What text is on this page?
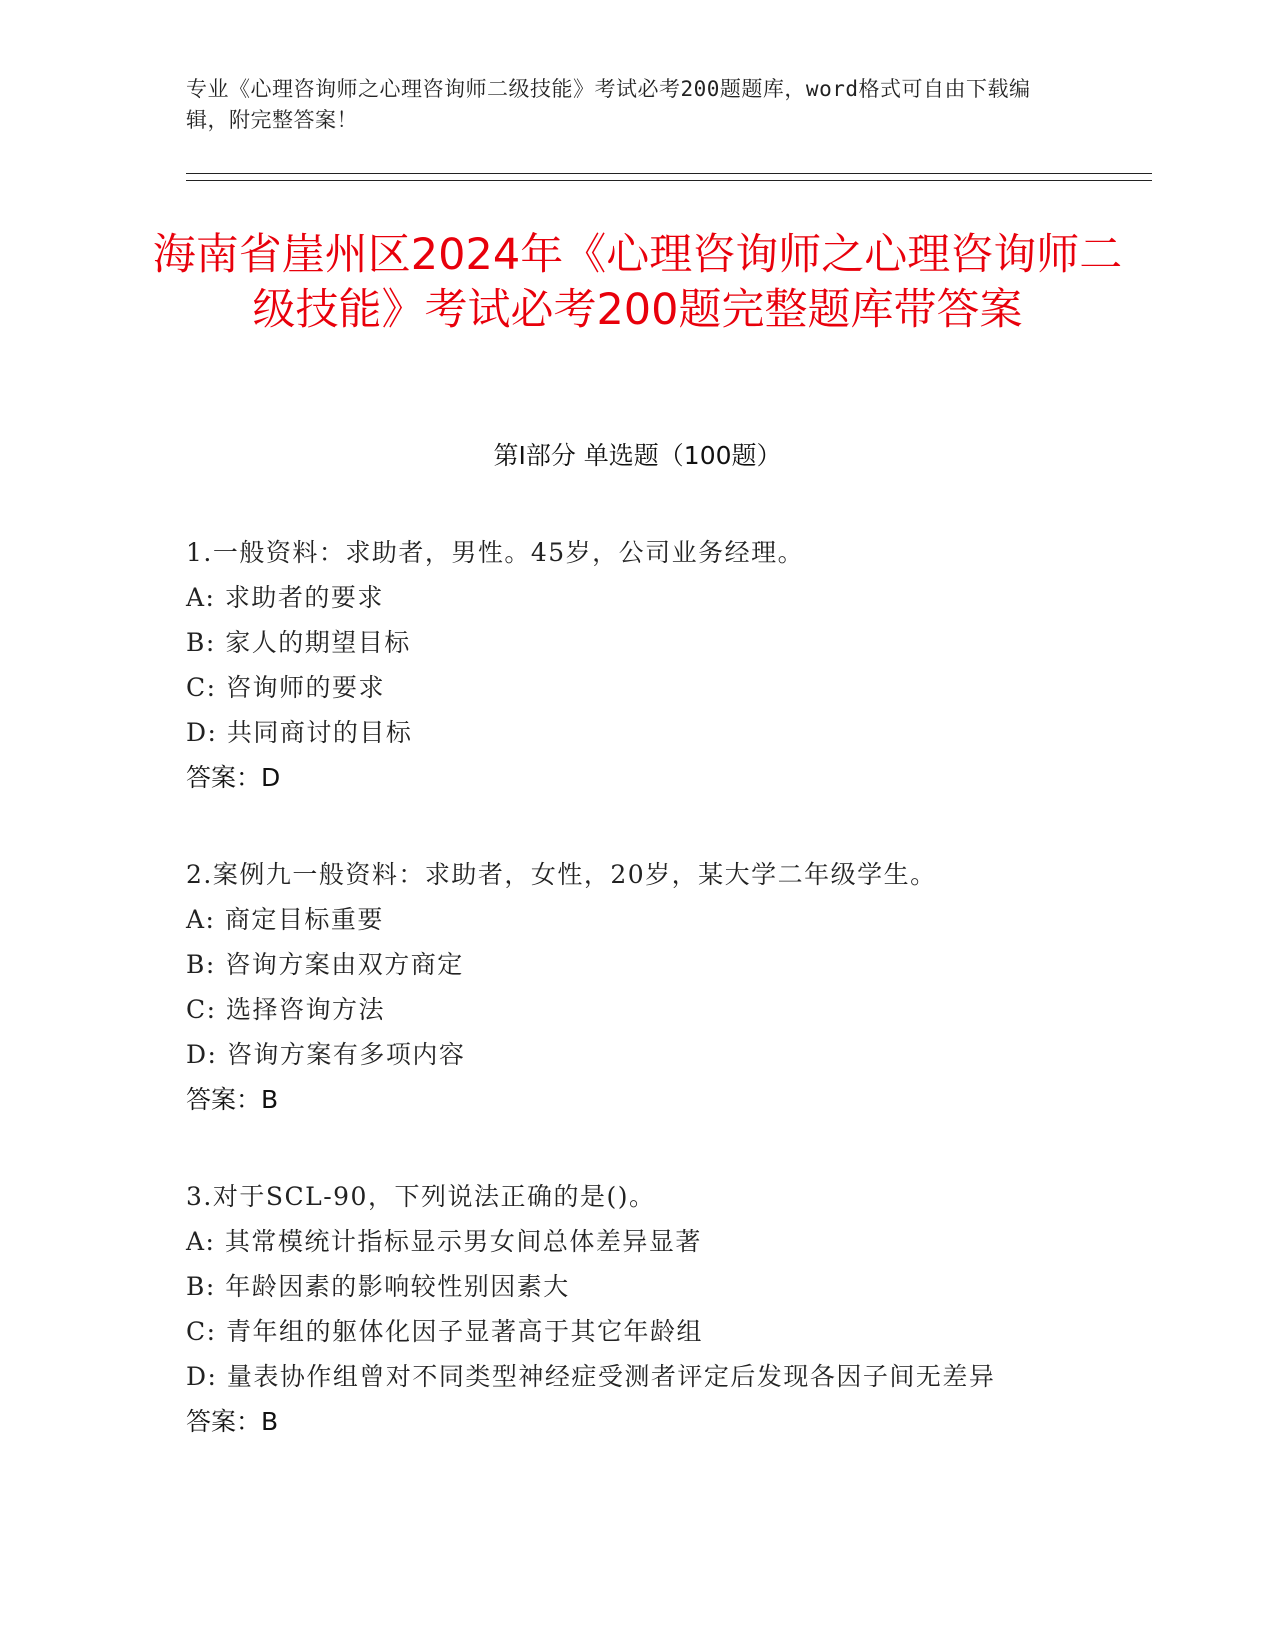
专业《心理咨询师之心理咨询师二级技能》考试必考200题题库，word格式可自由下载编辑，附完整答案！
海南省崖州区2024年《心理咨询师之心理咨询师二级技能》考试必考200题完整题库带答案
第I部分 单选题（100题）
1.一般资料：求助者，男性。45岁，公司业务经理。
A: 求助者的要求
B: 家人的期望目标
C: 咨询师的要求
D: 共同商讨的目标
答案：D
2.案例九一般资料：求助者，女性，20岁，某大学二年级学生。
A: 商定目标重要
B: 咨询方案由双方商定
C: 选择咨询方法
D: 咨询方案有多项内容
答案：B
3.对于SCL-90，下列说法正确的是()。
A: 其常模统计指标显示男女间总体差异显著
B: 年龄因素的影响较性别因素大
C: 青年组的躯体化因子显著高于其它年龄组
D: 量表协作组曾对不同类型神经症受测者评定后发现各因子间无差异
答案：B
